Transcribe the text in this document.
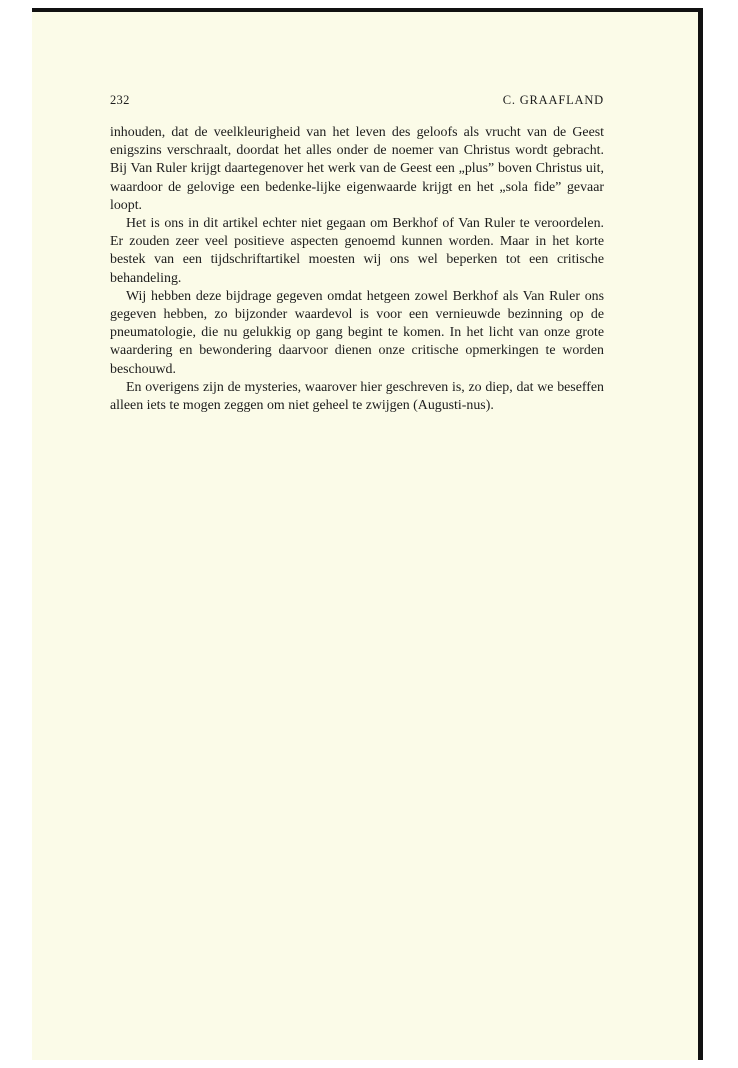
232	C. GRAAFLAND

inhouden, dat de veelkleurigheid van het leven des geloofs als vrucht van de Geest enigszins verschraalt, doordat het alles onder de noemer van Christus wordt gebracht. Bij Van Ruler krijgt daartegenover het werk van de Geest een „plus” boven Christus uit, waardoor de gelovige een bedenke-lijke eigenwaarde krijgt en het „sola fide” gevaar loopt.

Het is ons in dit artikel echter niet gegaan om Berkhof of Van Ruler te veroordelen. Er zouden zeer veel positieve aspecten genoemd kunnen worden. Maar in het korte bestek van een tijdschriftartikel moesten wij ons wel beperken tot een critische behandeling.

Wij hebben deze bijdrage gegeven omdat hetgeen zowel Berkhof als Van Ruler ons gegeven hebben, zo bijzonder waardevol is voor een vernieuwde bezinning op de pneumatologie, die nu gelukkig op gang begint te komen. In het licht van onze grote waardering en bewondering daarvoor dienen onze critische opmerkingen te worden beschouwd.

En overigens zijn de mysteries, waarover hier geschreven is, zo diep, dat we beseffen alleen iets te mogen zeggen om niet geheel te zwijgen (Augusti-nus).
